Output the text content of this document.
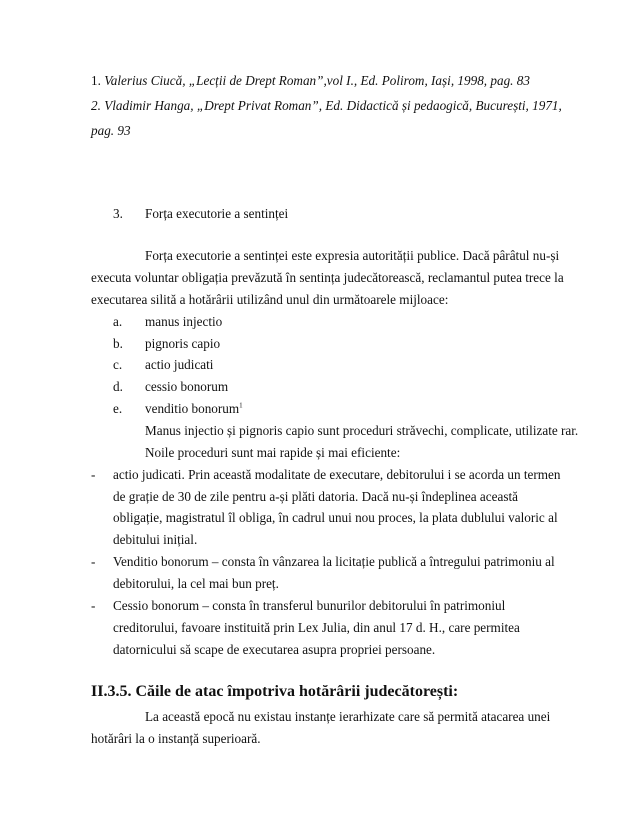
1. Valerius Ciucă, „Lecții de Drept Roman”,vol I., Ed. Polirom, Iași, 1998, pag. 83
2. Vladimir Hanga, „Drept Privat Roman”, Ed. Didactică și pedaogică, București, 1971,
pag. 93
3. Forța executorie a sentinței
Forța executorie a sentinței este expresia autorității publice. Dacă pârâtul nu-și
executa voluntar obligația prevăzută în sentința judecătorească, reclamantul putea trece la
executarea silită a hotărârii utilizând unul din următoarele mijloace:
a. manus injectio
b. pignoris capio
c. actio judicati
d. cessio bonorum
e. venditio bonorum$^1$
Manus injectio și pignoris capio sunt proceduri străvechi, complicate, utilizate rar.
Noile proceduri sunt mai rapide și mai eficiente:
- actio judicati. Prin această modalitate de executare, debitorului i se acorda un termen
de grație de 30 de zile pentru a-și plăti datoria. Dacă nu-și îndeplinea această
obligație, magistratul îl obliga, în cadrul unui nou proces, la plata dublului valoric al
debitului inițial.
- Venditio bonorum – consta în vânzarea la licitație publică a întregului patrimoniu al
debitorului, la cel mai bun preț.
- Cessio bonorum – consta în transferul bunurilor debitorului în patrimoniul
creditorului, favoare instituită prin Lex Julia, din anul 17 d. H., care permitea
datornicului să scape de executarea asupra propriei persoane.
II.3.5. Căile de atac împotriva hotărârii judecătorești:
La această epocă nu existau instanțe ierarhizate care să permită atacarea unei
hotărâri la o instanță superioară.
